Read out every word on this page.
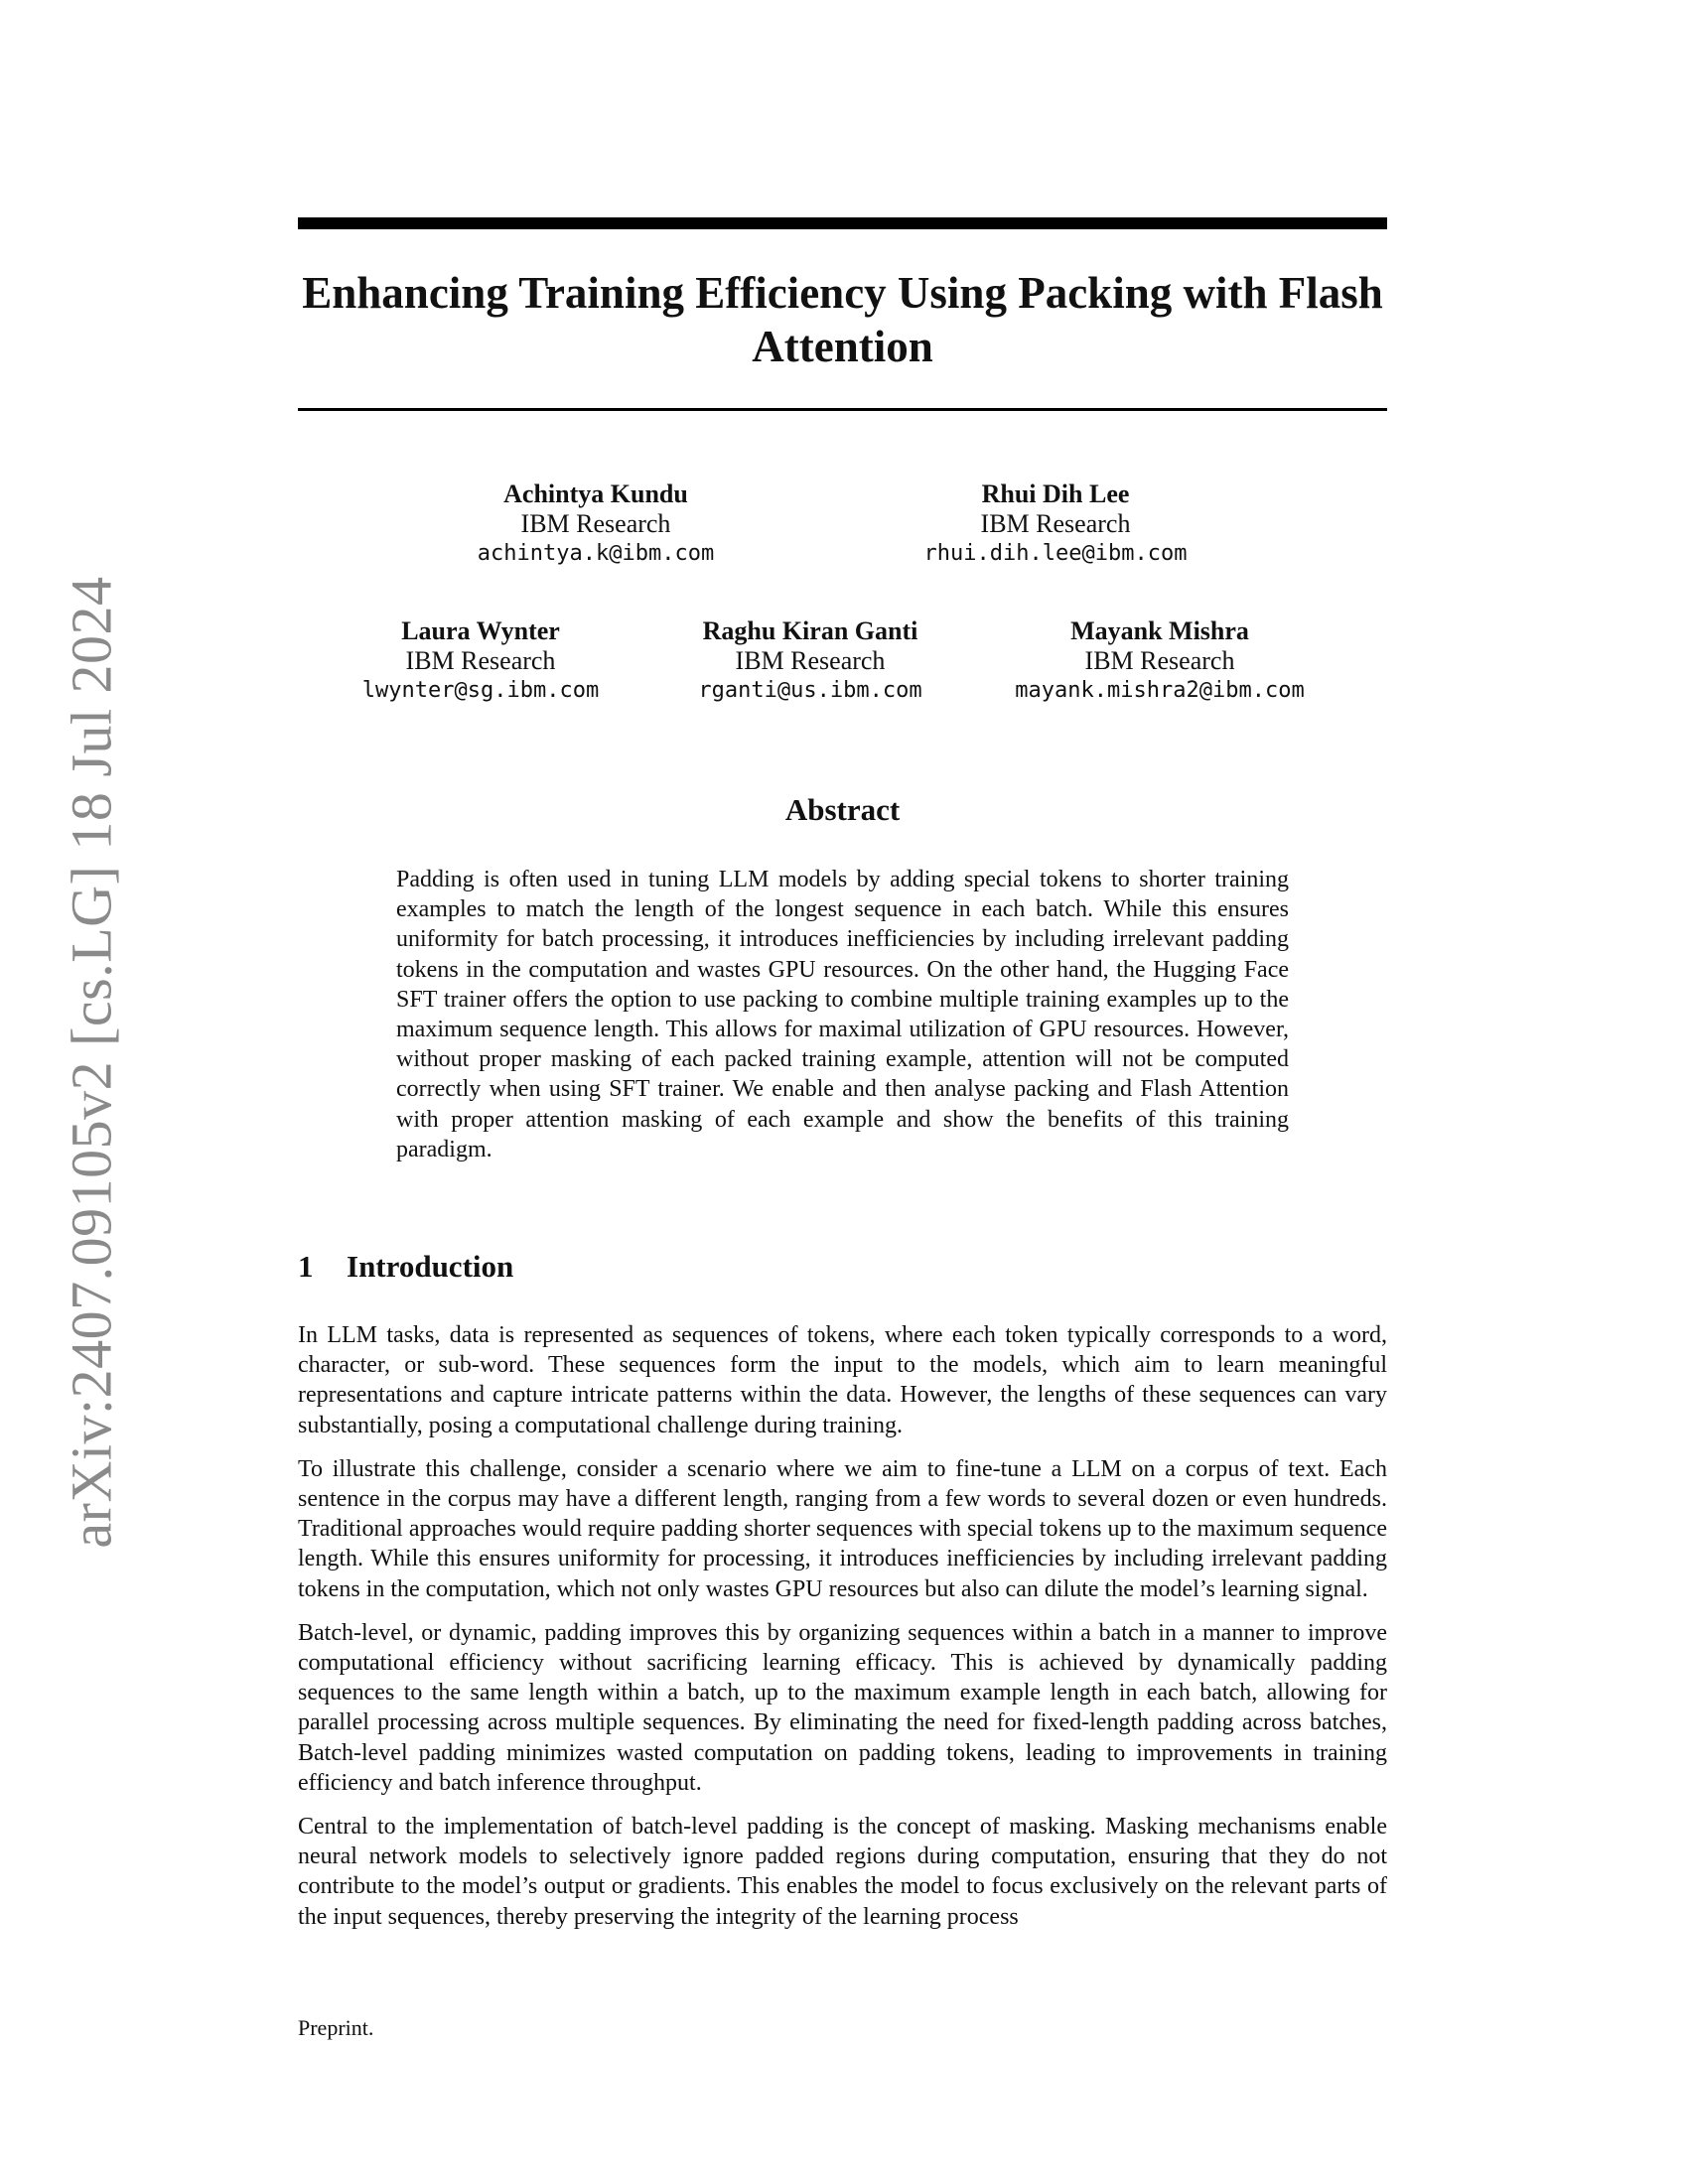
arXiv:2407.09105v2 [cs.LG] 18 Jul 2024
Enhancing Training Efficiency Using Packing with Flash Attention
Achintya Kundu
IBM Research
achintya.k@ibm.com
Rhui Dih Lee
IBM Research
rhui.dih.lee@ibm.com
Laura Wynter
IBM Research
lwynter@sg.ibm.com
Raghu Kiran Ganti
IBM Research
rganti@us.ibm.com
Mayank Mishra
IBM Research
mayank.mishra2@ibm.com
Abstract
Padding is often used in tuning LLM models by adding special tokens to shorter training examples to match the length of the longest sequence in each batch. While this ensures uniformity for batch processing, it introduces inefficiencies by including irrelevant padding tokens in the computation and wastes GPU resources. On the other hand, the Hugging Face SFT trainer offers the option to use packing to combine multiple training examples up to the maximum sequence length. This allows for maximal utilization of GPU resources. However, without proper masking of each packed training example, attention will not be computed correctly when using SFT trainer. We enable and then analyse packing and Flash Attention with proper attention masking of each example and show the benefits of this training paradigm.
1 Introduction

In LLM tasks, data is represented as sequences of tokens, where each token typically corresponds to a word, character, or sub-word. These sequences form the input to the models, which aim to learn meaningful representations and capture intricate patterns within the data. However, the lengths of these sequences can vary substantially, posing a computational challenge during training.

To illustrate this challenge, consider a scenario where we aim to fine-tune a LLM on a corpus of text. Each sentence in the corpus may have a different length, ranging from a few words to several dozen or even hundreds. Traditional approaches would require padding shorter sequences with special tokens up to the maximum sequence length. While this ensures uniformity for processing, it introduces inefficiencies by including irrelevant padding tokens in the computation, which not only wastes GPU resources but also can dilute the model’s learning signal.

Batch-level, or dynamic, padding improves this by organizing sequences within a batch in a manner to improve computational efficiency without sacrificing learning efficacy. This is achieved by dynamically padding sequences to the same length within a batch, up to the maximum example length in each batch, allowing for parallel processing across multiple sequences. By eliminating the need for fixed-length padding across batches, Batch-level padding minimizes wasted computation on padding tokens, leading to improvements in training efficiency and batch inference throughput.

Central to the implementation of batch-level padding is the concept of masking. Masking mechanisms enable neural network models to selectively ignore padded regions during computation, ensuring that they do not contribute to the model’s output or gradients. This enables the model to focus exclusively on the relevant parts of the input sequences, thereby preserving the integrity of the learning process

Preprint.
